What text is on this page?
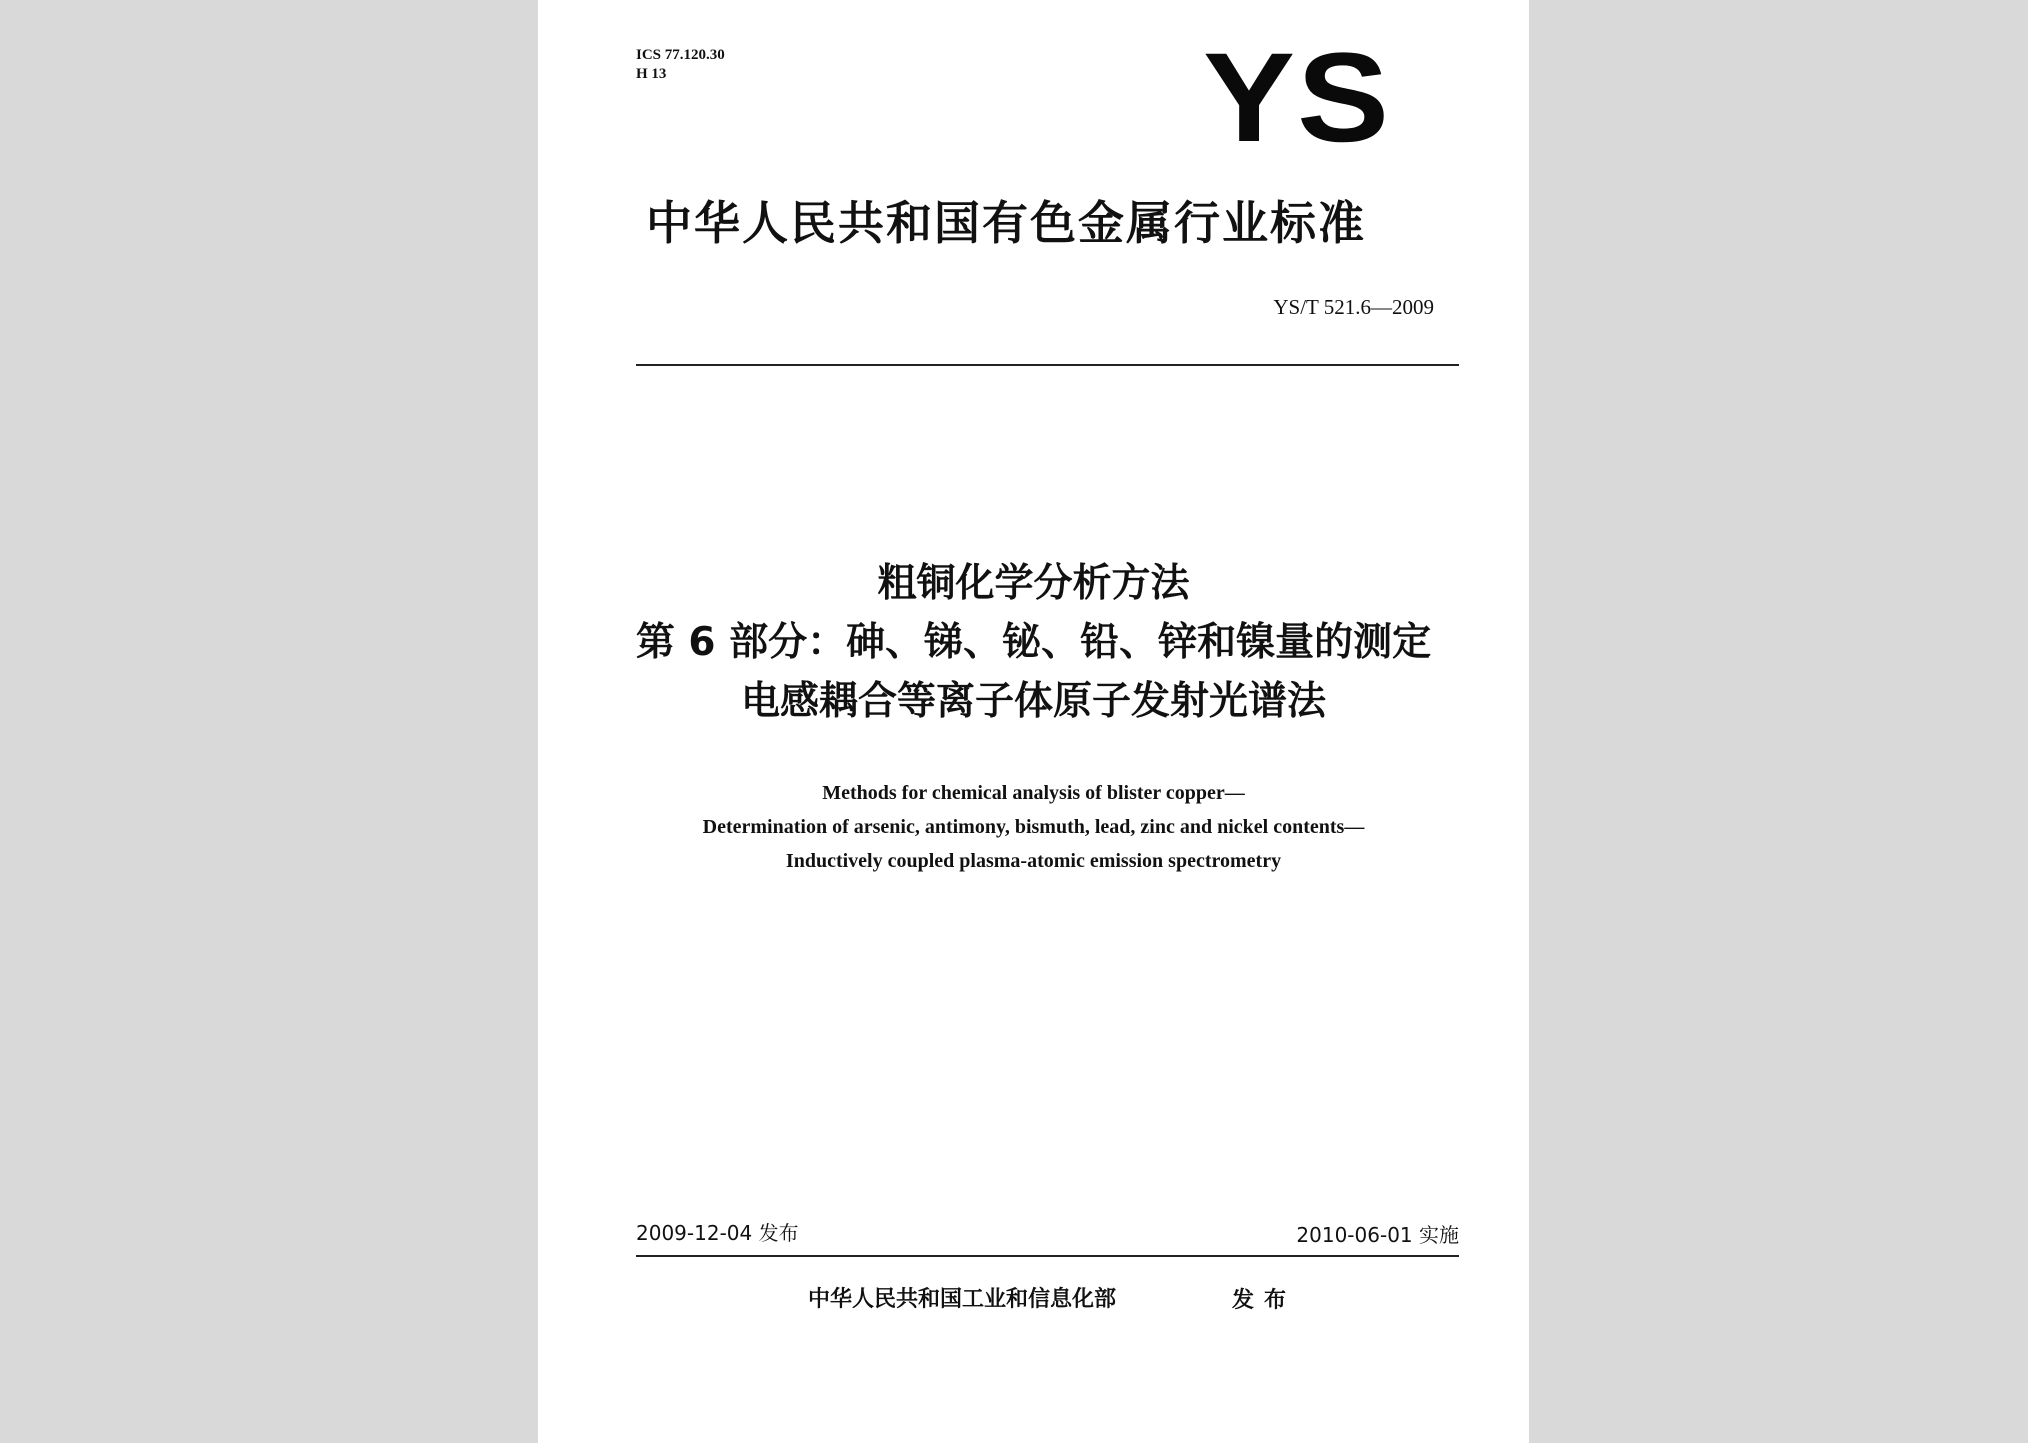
ICS 77.120.30
H 13	YS
中华人民共和国有色金属行业标准
YS/T 521.6—2009
粗铜化学分析方法
第 6 部分：砷、锑、铋、铅、锌和镍量的测定
电感耦合等离子体原子发射光谱法
Methods for chemical analysis of blister copper—
Determination of arsenic, antimony, bismuth, lead, zinc and nickel contents—
Inductively coupled plasma-atomic emission spectrometry
2009-12-04 发布	2010-06-01 实施
中华人民共和国工业和信息化部	发布
